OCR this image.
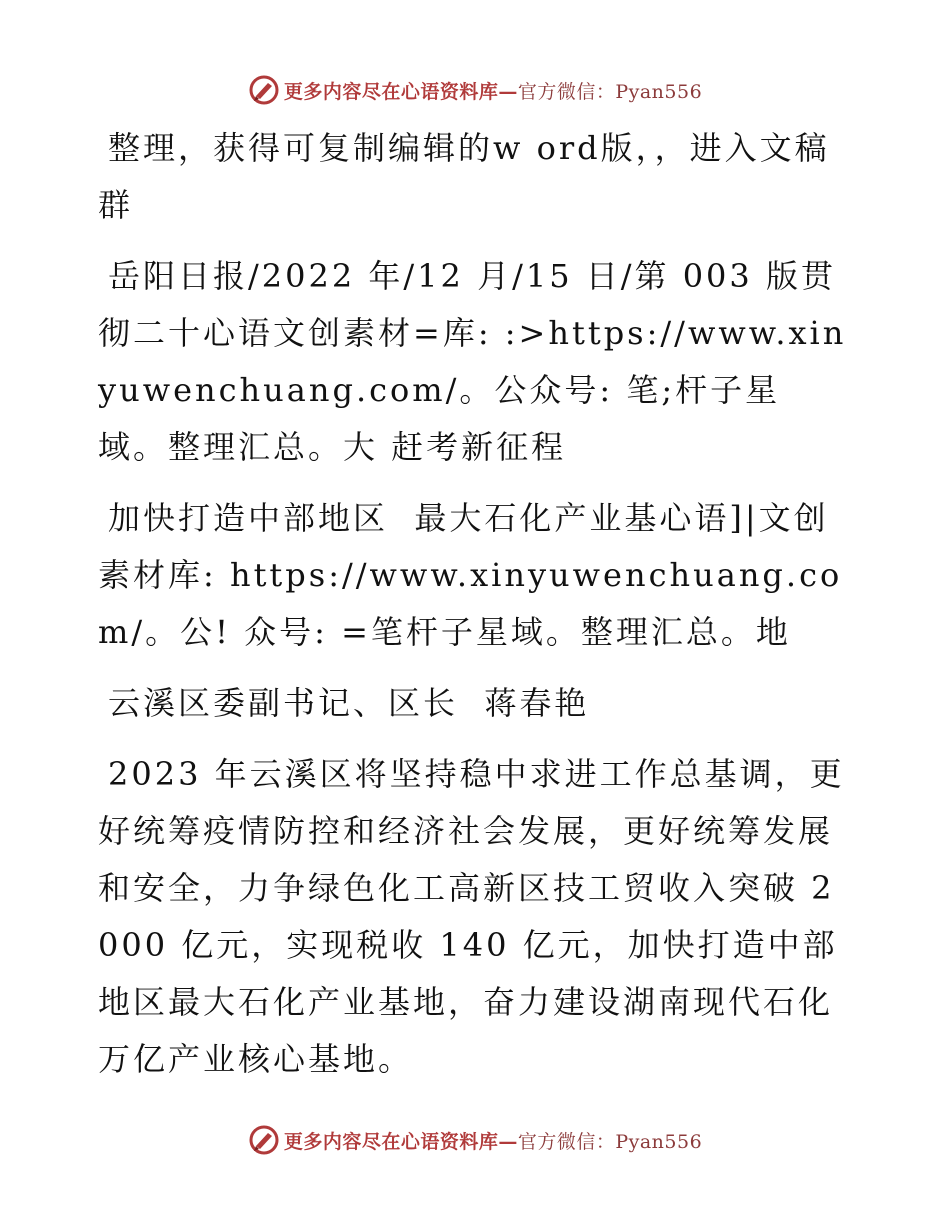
更多内容尽在心语资料库—官方微信：Pyan556

整理，获得可复制编辑的w ord版，，进入文稿群

岳阳日报/2022 年/12 月/15 日/第 003 版贯彻二十心语文创素材=库: :>https://www.xinyuwenchuang.com/。公众号: 笔;杆子星域。整理汇总。大 赶考新征程

加快打造中部地区  最大石化产业基心语]|文创素材库: https://www.xinyuwenchuang.com/。公! 众号: =笔杆子星域。整理汇总。地

云溪区委副书记、区长  蒋春艳

2023 年云溪区将坚持稳中求进工作总基调，更好统筹疫情防控和经济社会发展，更好统筹发展和安全，力争绿色化工高新区技工贸收入突破 2000 亿元，实现税收 140 亿元，加快打造中部地区最大石化产业基地，奋力建设湖南现代石化万亿产业核心基地。

更多内容尽在心语资料库—官方微信：Pyan556
